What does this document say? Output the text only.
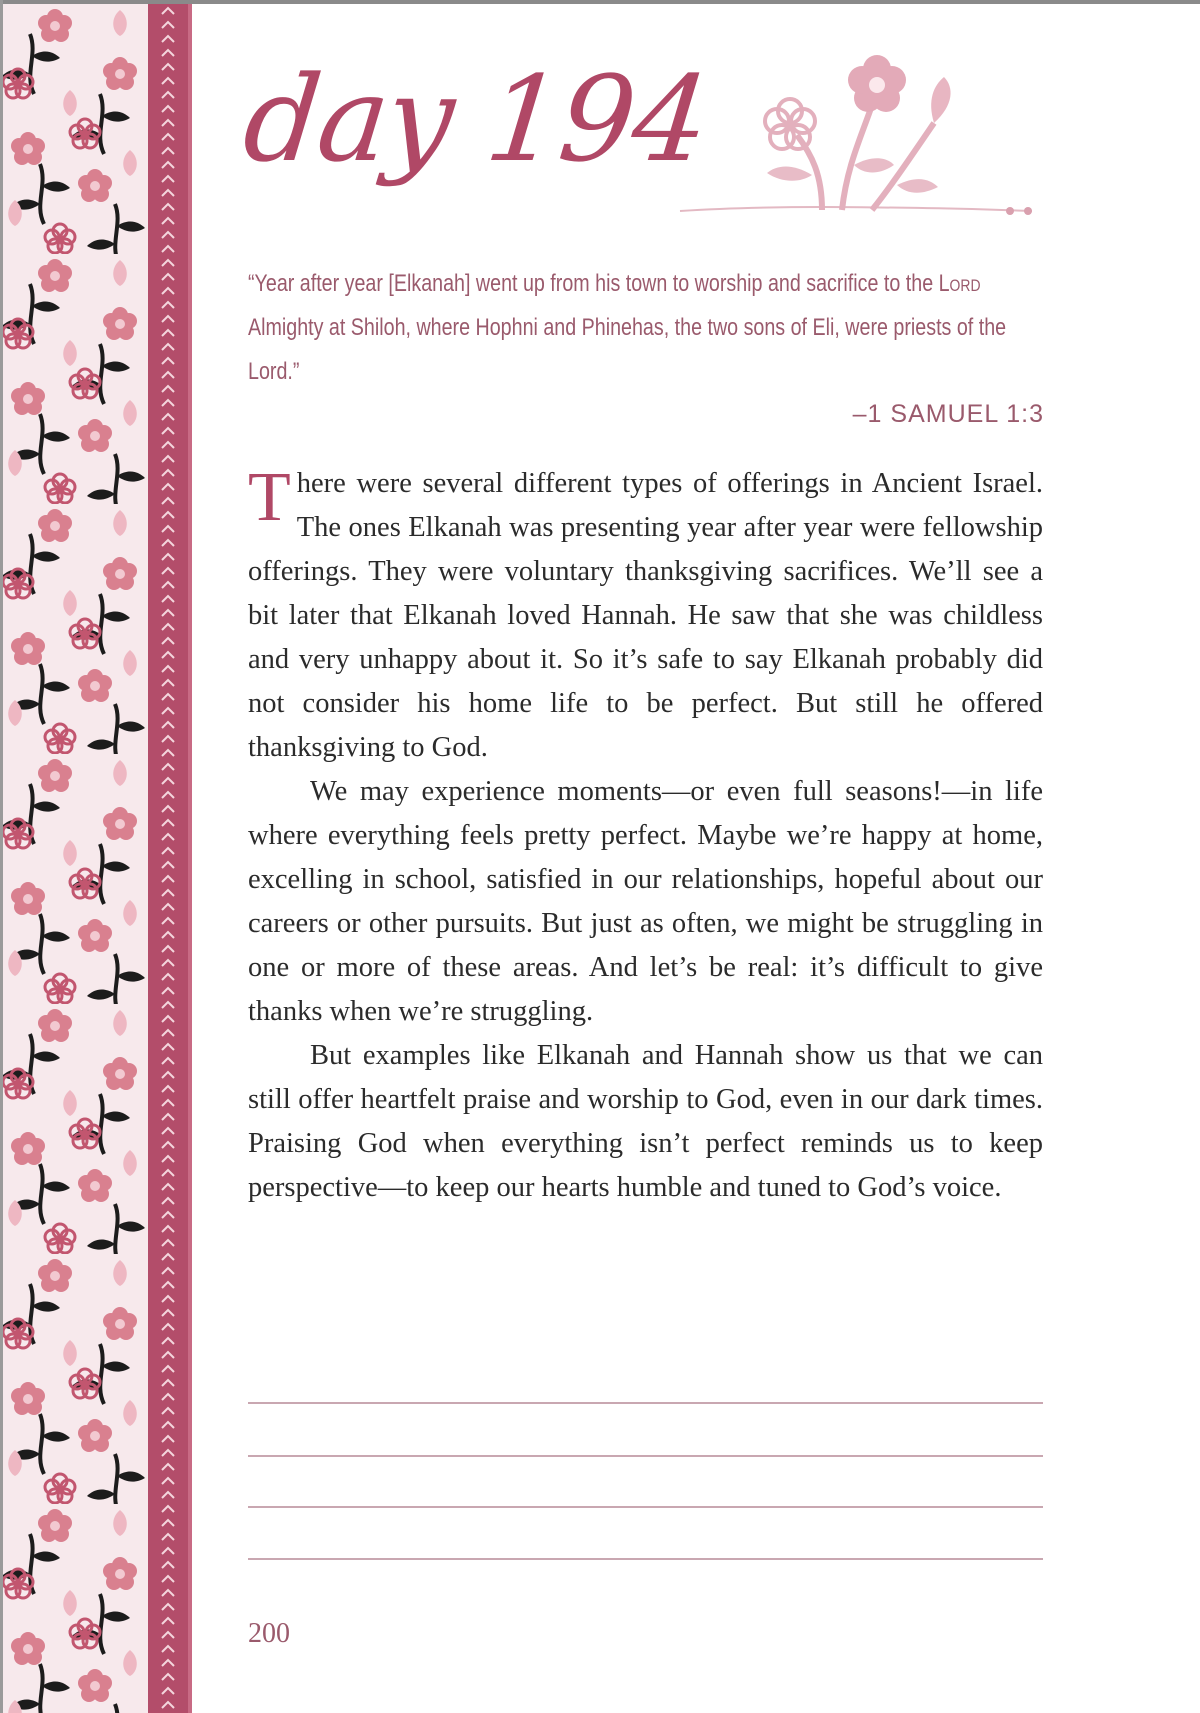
day 194
“Year after year [Elkanah] went up from his town to worship and sacrifice to the Lord Almighty at Shiloh, where Hophni and Phinehas, the two sons of Eli, were priests of the Lord.”
–1 SAMUEL 1:3

There were several different types of offerings in Ancient Israel. The ones Elkanah was presenting year after year were fellowship offerings. They were voluntary thanksgiving sacrifices. We’ll see a bit later that Elkanah loved Hannah. He saw that she was childless and very unhappy about it. So it’s safe to say Elkanah probably did not consider his home life to be perfect. But still he offered thanksgiving to God.

We may experience moments—or even full seasons!—in life where everything feels pretty perfect. Maybe we’re happy at home, excelling in school, satisfied in our relationships, hopeful about our careers or other pursuits. But just as often, we might be struggling in one or more of these areas. And let’s be real: it’s difficult to give thanks when we’re struggling.

But examples like Elkanah and Hannah show us that we can still offer heartfelt praise and worship to God, even in our dark times. Praising God when everything isn’t perfect reminds us to keep perspective—to keep our hearts humble and tuned to God’s voice.

200
